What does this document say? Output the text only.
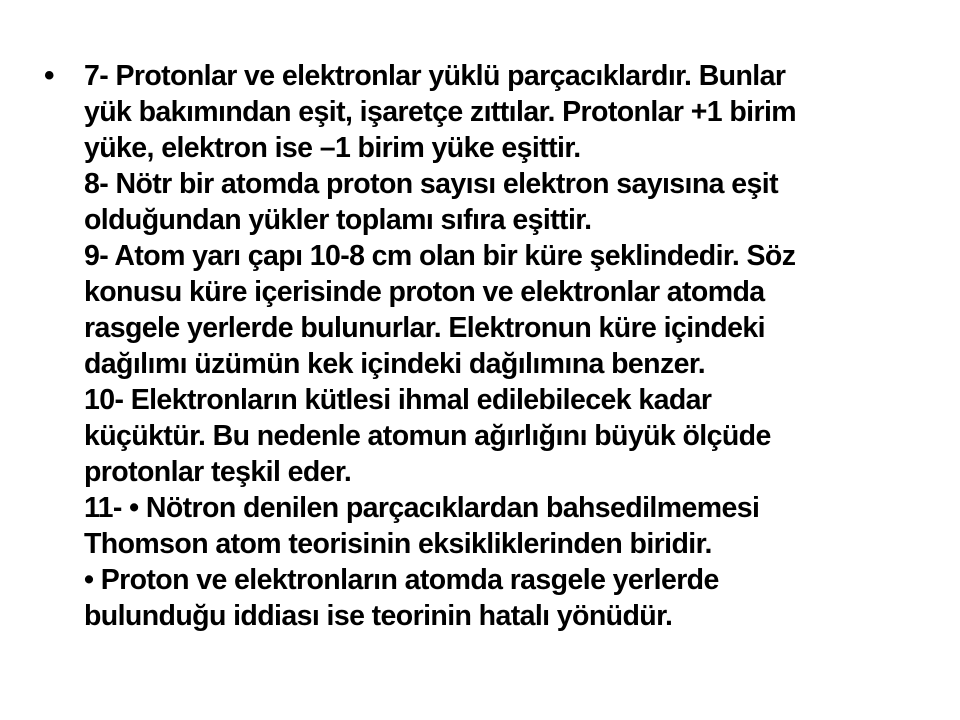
• 7- Protonlar ve elektronlar yüklü parçacıklardır. Bunlar
yük bakımından eşit, işaretçe zıttılar. Protonlar +1 birim
yüke, elektron ise –1 birim yüke eşittir.
8- Nötr bir atomda proton sayısı elektron sayısına eşit
olduğundan yükler toplamı sıfıra eşittir.
9- Atom yarı çapı 10-8 cm olan bir küre şeklindedir. Söz
konusu küre içerisinde proton ve elektronlar atomda
rasgele yerlerde bulunurlar. Elektronun küre içindeki
dağılımı üzümün kek içindeki dağılımına benzer.
10- Elektronların kütlesi ihmal edilebilecek kadar
küçüktür. Bu nedenle atomun ağırlığını büyük ölçüde
protonlar teşkil eder.
11- • Nötron denilen parçacıklardan bahsedilmemesi
Thomson atom teorisinin eksikliklerinden biridir.
• Proton ve elektronların atomda rasgele yerlerde
bulunduğu iddiası ise teorinin hatalı yönüdür.
